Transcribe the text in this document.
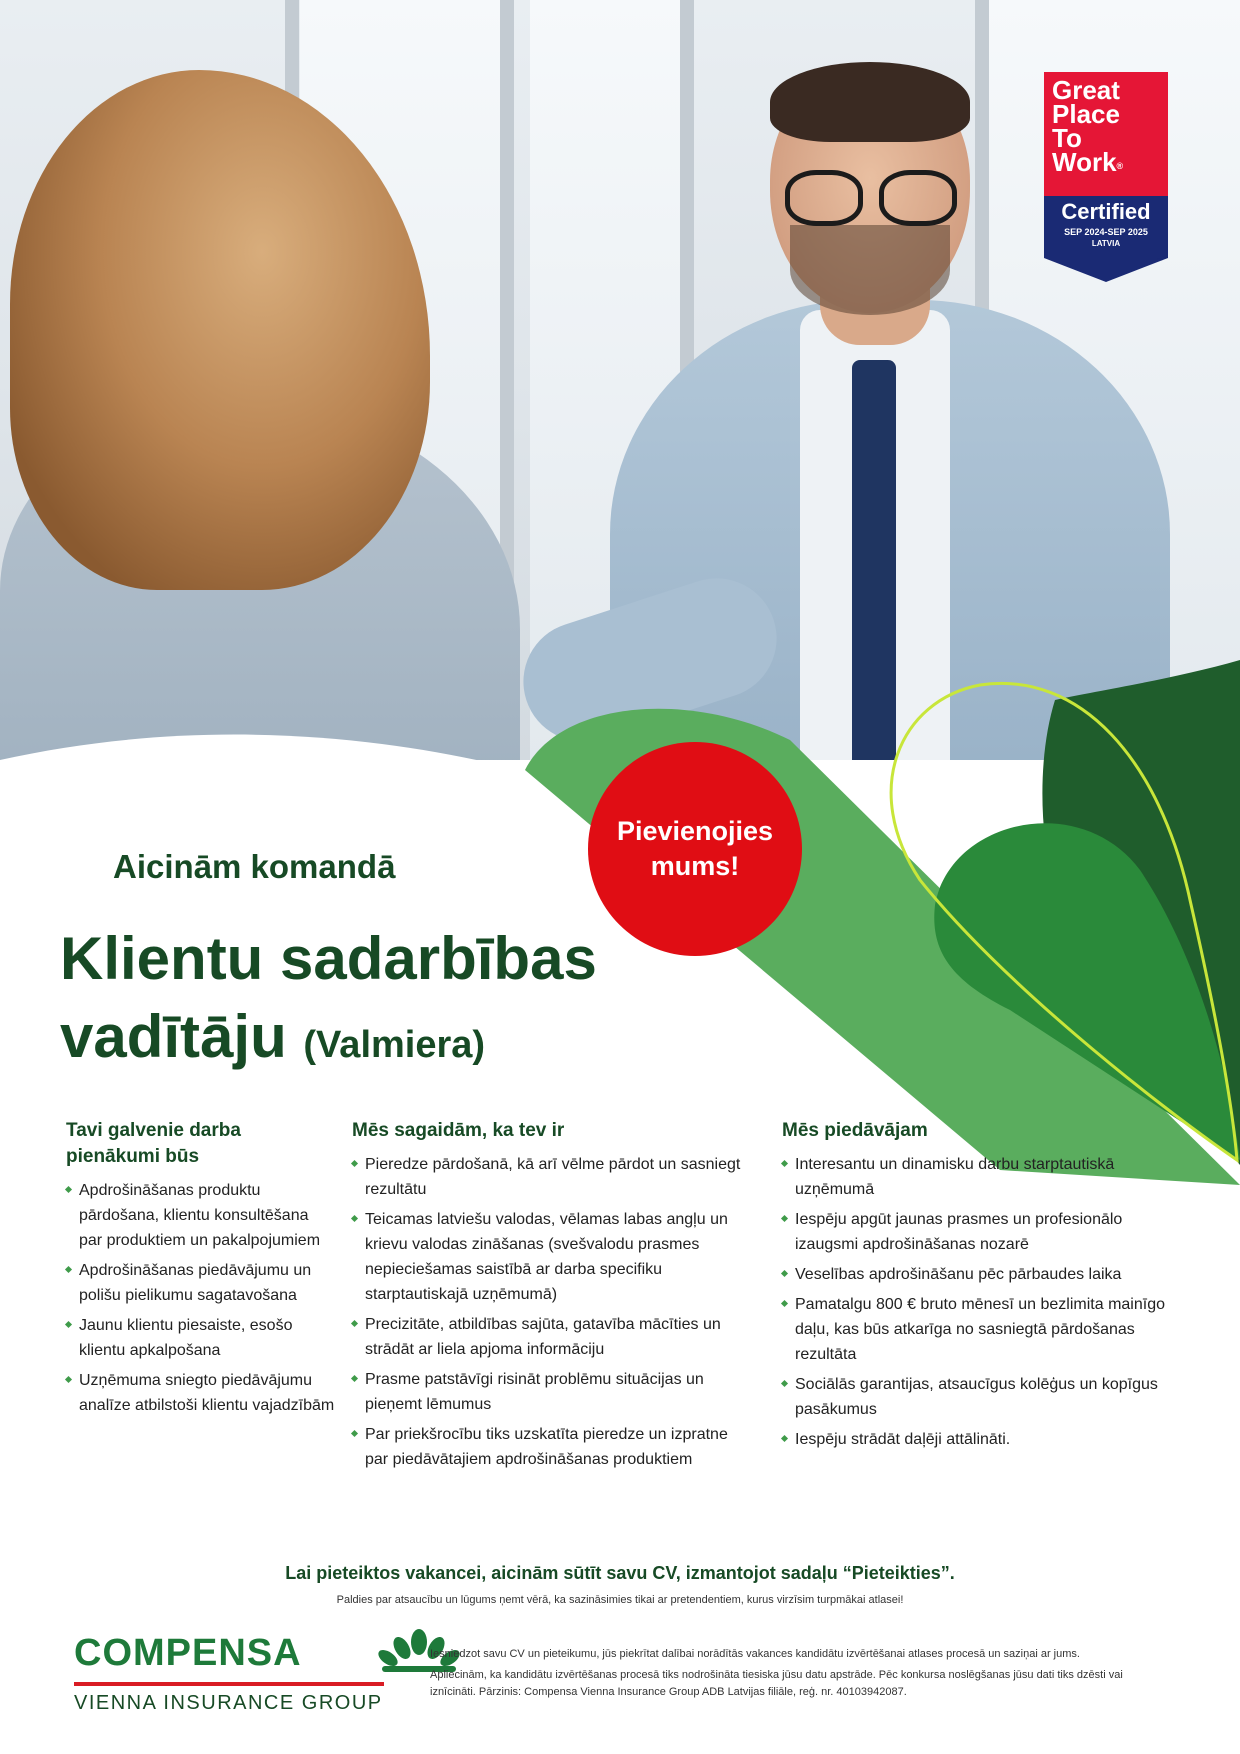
Great
Place
To
Work®
Certified
SEP 2024-SEP 2025
LATVIA
™
Pievienojies mums!
Aicinām komandā
Klientu sadarbības
vadītāju (Valmiera)
Tavi galvenie darba pienākumi būs
Apdrošināšanas produktu pārdošana, klientu konsultēšana par produktiem un pakalpojumiem
Apdrošināšanas piedāvājumu un polišu pielikumu sagatavošana
Jaunu klientu piesaiste, esošo klientu apkalpošana
Uzņēmuma sniegto piedāvājumu analīze atbilstoši klientu vajadzībām
Mēs sagaidām, ka tev ir
Pieredze pārdošanā, kā arī vēlme pārdot un sasniegt rezultātu
Teicamas latviešu valodas, vēlamas labas angļu un krievu valodas zināšanas (svešvalodu prasmes nepieciešamas saistībā ar darba specifiku starptautiskajā uzņēmumā)
Precizitāte, atbildības sajūta, gatavība mācīties un strādāt ar liela apjoma informāciju
Prasme patstāvīgi risināt problēmu situācijas un pieņemt lēmumus
Par priekšrocību tiks uzskatīta pieredze un izpratne par piedāvātajiem apdrošināšanas produktiem
Mēs piedāvājam
Interesantu un dinamisku darbu starptautiskā uzņēmumā
Iespēju apgūt jaunas prasmes un profesionālo izaugsmi apdrošināšanas nozarē
Veselības apdrošināšanu pēc pārbaudes laika
Pamatalgu 800 € bruto mēnesī un bezlimita mainīgo daļu, kas būs atkarīga no sasniegtā pārdošanas rezultāta
Sociālās garantijas, atsaucīgus kolēģus un kopīgus pasākumus
Iespēju strādāt daļēji attālināti.
Lai pieteiktos vakancei, aicinām sūtīt savu CV, izmantojot sadaļu “Pieteikties”.
Paldies par atsaucību un lūgums ņemt vērā, ka sazināsimies tikai ar pretendentiem, kurus virzīsim turpmākai atlasei!
COMPENSA
VIENNA INSURANCE GROUP

Iesniedzot savu CV un pieteikumu, jūs piekrītat dalībai norādītās vakances kandidātu izvērtēšanai atlases procesā un saziņai ar jums.

Apliecinām, ka kandidātu izvērtēšanas procesā tiks nodrošināta tiesiska jūsu datu apstrāde. Pēc konkursa noslēgšanas jūsu dati tiks dzēsti vai iznīcināti. Pārzinis: Compensa Vienna Insurance Group ADB Latvijas filiāle, reģ. nr. 40103942087.
